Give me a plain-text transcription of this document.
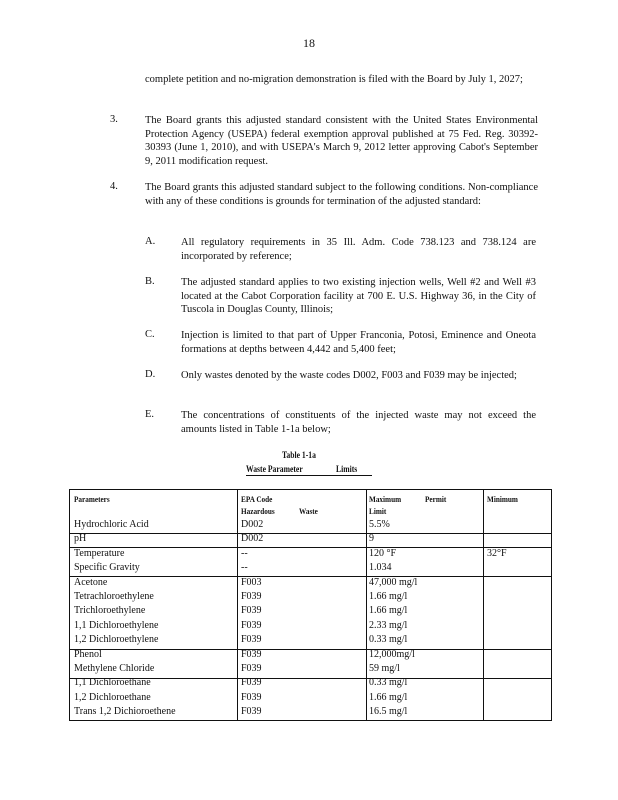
18
complete petition and no-migration demonstration is filed with the Board by July 1, 2027;
3.	The Board grants this adjusted standard consistent with the United States Environmental Protection Agency (USEPA) federal exemption approval published at 75 Fed. Reg. 30392-30393 (June 1, 2010), and with USEPA's March 9, 2012 letter approving Cabot's September 9, 2011 modification request.
4.	The Board grants this adjusted standard subject to the following conditions. Non-compliance with any of these conditions is grounds for termination of the adjusted standard:
A. All regulatory requirements in 35 Ill. Adm. Code 738.123 and 738.124 are incorporated by reference;
B.	The adjusted standard applies to two existing injection wells, Well #2 and Well #3 located at the Cabot Corporation facility at 700 E. U.S. Highway 36, in the City of Tuscola in Douglas County, Illinois;
C.	Injection is limited to that part of Upper Franconia, Potosi, Eminence and Oneota formations at depths between 4,442 and 5,400 feet;
D. Only wastes denoted by the waste codes D002, F003 and F039 may be injected;
E.	The concentrations of constituents of the injected waste may not exceed the amounts listed in Table 1-1a below;
Table 1-1a
Waste Parameter	Limits
Parameters	EPA Code
Hazardous	Waste
Maximum	Permit
Limit
Minimum
Hydrochloric Acid	D002	5.5%
pH	D002	9
Temperature	--	120 °F	32°F
Specific Gravity	--	1.034
Acetone	F003	47,000 mg/l
Tetrachloroethylene	F039	1.66 mg/l
Trichloroethylene	F039	1.66 mg/l
1,1 Dichloroethylene	F039	2.33 mg/l
1,2 Dichloroethylene	F039	0.33 mg/l
Phenol	F039	12,000mg/l
Methylene Chloride	F039	59 mg/l
1,1 Dichloroethane	F039	0.33 mg/l
1,2 Dichloroethane	F039	1.66 mg/l
Trans 1,2 Dichioroethene	F039	16.5 mg/l
